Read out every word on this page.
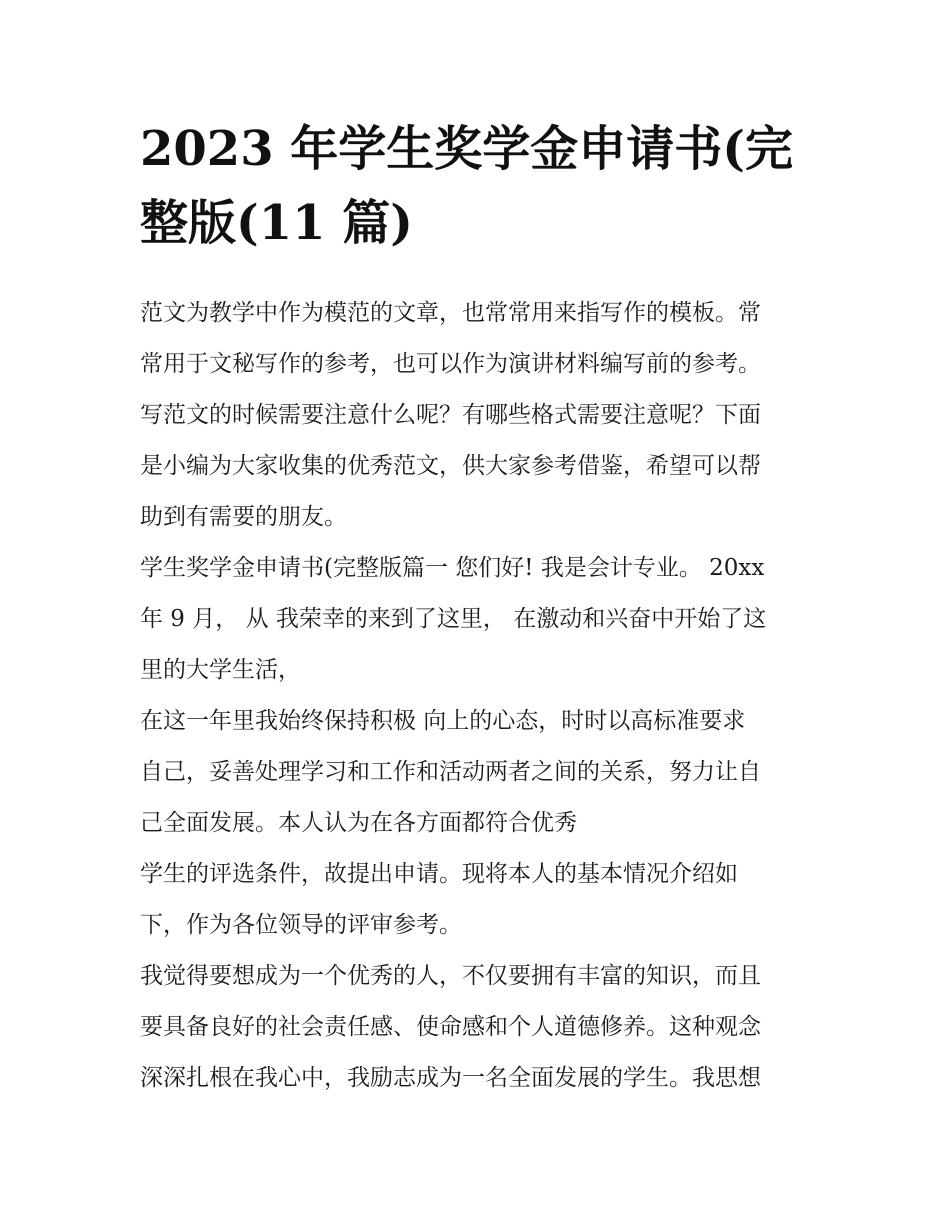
2023 年学生奖学金申请书(完
整版(11 篇)

范文为教学中作为模范的文章，也常常用来指写作的模板。常
常用于文秘写作的参考，也可以作为演讲材料编写前的参考。
写范文的时候需要注意什么呢？有哪些格式需要注意呢？下面
是小编为大家收集的优秀范文，供大家参考借鉴，希望可以帮
助到有需要的朋友。

学生奖学金申请书(完整版篇一 您们好! 我是会计专业。 20xx
年 9 月， 从 我荣幸的来到了这里， 在激动和兴奋中开始了这
里的大学生活，

在这一年里我始终保持积极 向上的心态，时时以高标准要求
自己，妥善处理学习和工作和活动两者之间的关系，努力让自
己全面发展。本人认为在各方面都符合优秀

学生的评选条件，故提出申请。现将本人的基本情况介绍如
下，作为各位领导的评审参考。

我觉得要想成为一个优秀的人，不仅要拥有丰富的知识，而且
要具备良好的社会责任感、使命感和个人道德修养。这种观念
深深扎根在我心中，我励志成为一名全面发展的学生。我思想
